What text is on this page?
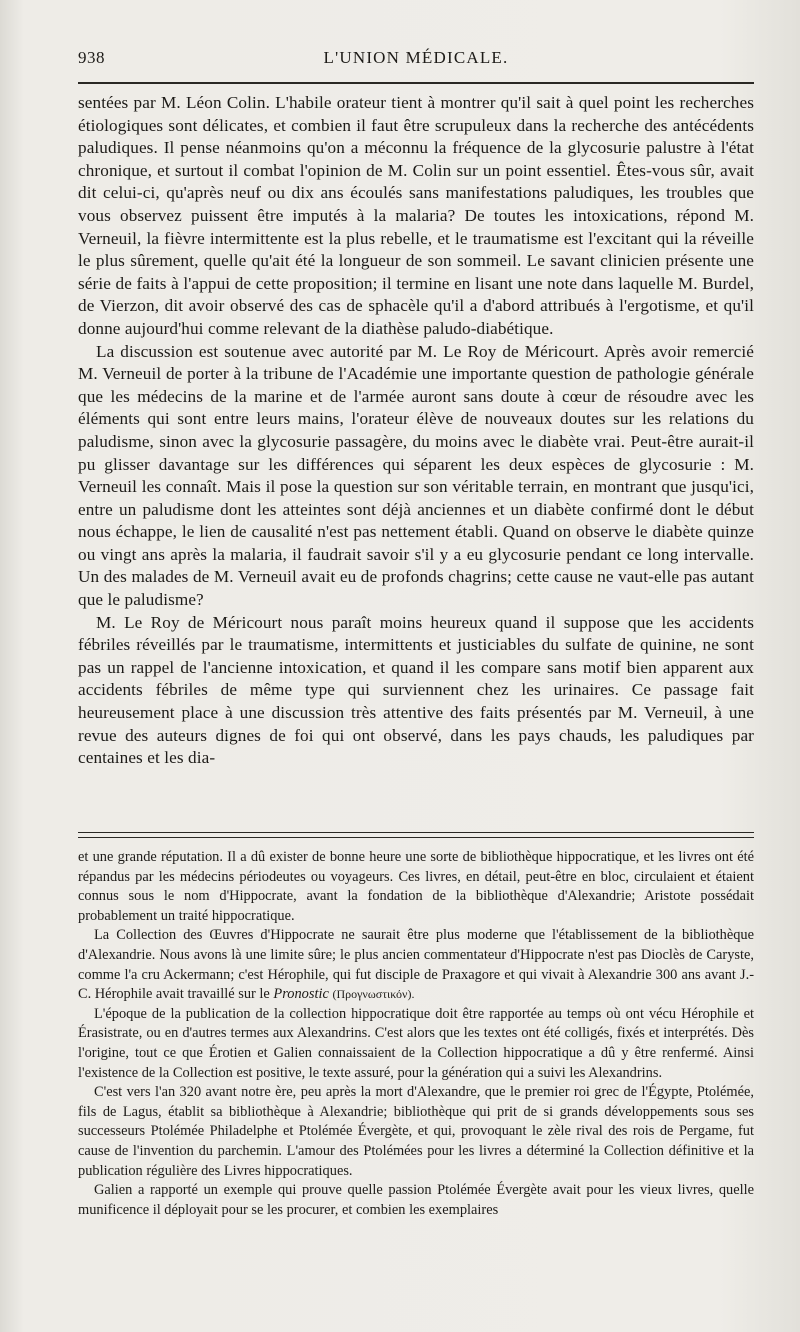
938	L'UNION MÉDICALE.

sentées par M. Léon Colin. L'habile orateur tient à montrer qu'il sait à quel point les recherches étiologiques sont délicates, et combien il faut être scrupuleux dans la recherche des antécédents paludiques. Il pense néanmoins qu'on a méconnu la fréquence de la glycosurie palustre à l'état chronique, et surtout il combat l'opinion de M. Colin sur un point essentiel. Êtes-vous sûr, avait dit celui-ci, qu'après neuf ou dix ans écoulés sans manifestations paludiques, les troubles que vous observez puissent être imputés à la malaria? De toutes les intoxications, répond M. Verneuil, la fièvre intermittente est la plus rebelle, et le traumatisme est l'excitant qui la réveille le plus sûrement, quelle qu'ait été la longueur de son sommeil. Le savant clinicien présente une série de faits à l'appui de cette proposition; il termine en lisant une note dans laquelle M. Burdel, de Vierzon, dit avoir observé des cas de sphacèle qu'il a d'abord attribués à l'ergotisme, et qu'il donne aujourd'hui comme relevant de la diathèse paludo-diabétique.

La discussion est soutenue avec autorité par M. Le Roy de Méricourt. Après avoir remercié M. Verneuil de porter à la tribune de l'Académie une importante question de pathologie générale que les médecins de la marine et de l'armée auront sans doute à cœur de résoudre avec les éléments qui sont entre leurs mains, l'orateur élève de nouveaux doutes sur les relations du paludisme, sinon avec la glycosurie passagère, du moins avec le diabète vrai. Peut-être aurait-il pu glisser davantage sur les différences qui séparent les deux espèces de glycosurie : M. Verneuil les connaît. Mais il pose la question sur son véritable terrain, en montrant que jusqu'ici, entre un paludisme dont les atteintes sont déjà anciennes et un diabète confirmé dont le début nous échappe, le lien de causalité n'est pas nettement établi. Quand on observe le diabète quinze ou vingt ans après la malaria, il faudrait savoir s'il y a eu glycosurie pendant ce long intervalle. Un des malades de M. Verneuil avait eu de profonds chagrins; cette cause ne vaut-elle pas autant que le paludisme?

M. Le Roy de Méricourt nous paraît moins heureux quand il suppose que les accidents fébriles réveillés par le traumatisme, intermittents et justiciables du sulfate de quinine, ne sont pas un rappel de l'ancienne intoxication, et quand il les compare sans motif bien apparent aux accidents fébriles de même type qui surviennent chez les urinaires. Ce passage fait heureusement place à une discussion très attentive des faits présentés par M. Verneuil, à une revue des auteurs dignes de foi qui ont observé, dans les pays chauds, les paludiques par centaines et les dia-

et une grande réputation. Il a dû exister de bonne heure une sorte de bibliothèque hippocratique, et les livres ont été répandus par les médecins périodeutes ou voyageurs. Ces livres, en détail, peut-être en bloc, circulaient et étaient connus sous le nom d'Hippocrate, avant la fondation de la bibliothèque d'Alexandrie; Aristote possédait probablement un traité hippocratique.

La Collection des Œuvres d'Hippocrate ne saurait être plus moderne que l'établissement de la bibliothèque d'Alexandrie. Nous avons là une limite sûre; le plus ancien commentateur d'Hippocrate n'est pas Dioclès de Caryste, comme l'a cru Ackermann; c'est Hérophile, qui fut disciple de Praxagore et qui vivait à Alexandrie 300 ans avant J.-C. Hérophile avait travaillé sur le Pronostic (Προγνωστικόν).

L'époque de la publication de la collection hippocratique doit être rapportée au temps où ont vécu Hérophile et Érasistrate, ou en d'autres termes aux Alexandrins. C'est alors que les textes ont été colligés, fixés et interprétés. Dès l'origine, tout ce que Érotien et Galien connaissaient de la Collection hippocratique a dû y être renfermé. Ainsi l'existence de la Collection est positive, le texte assuré, pour la génération qui a suivi les Alexandrins.

C'est vers l'an 320 avant notre ère, peu après la mort d'Alexandre, que le premier roi grec de l'Égypte, Ptolémée, fils de Lagus, établit sa bibliothèque à Alexandrie; bibliothèque qui prit de si grands développements sous ses successeurs Ptolémée Philadelphe et Ptolémée Évergète, et qui, provoquant le zèle rival des rois de Pergame, fut cause de l'invention du parchemin. L'amour des Ptolémées pour les livres a déterminé la Collection définitive et la publication régulière des Livres hippocratiques.

Galien a rapporté un exemple qui prouve quelle passion Ptolémée Évergète avait pour les vieux livres, quelle munificence il déployait pour se les procurer, et combien les exemplaires
